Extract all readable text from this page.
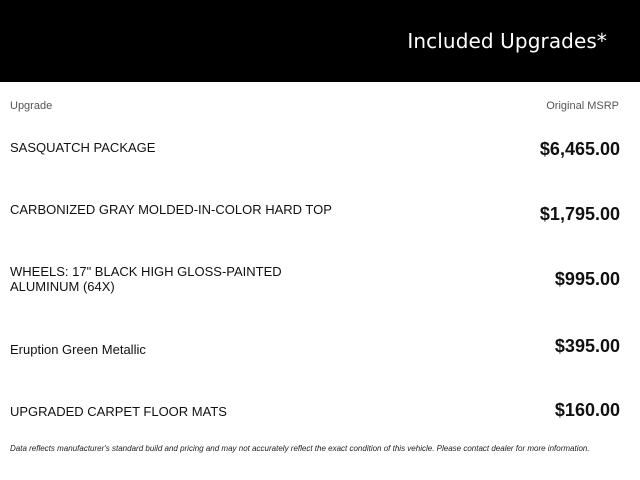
Included Upgrades*
Upgrade	Original MSRP
SASQUATCH PACKAGE	$6,465.00
CARBONIZED GRAY MOLDED-IN-COLOR HARD TOP	$1,795.00
WHEELS: 17" BLACK HIGH GLOSS-PAINTED ALUMINUM (64X)	$995.00
Eruption Green Metallic	$395.00
UPGRADED CARPET FLOOR MATS	$160.00
Data reflects manufacturer's standard build and pricing and may not accurately reflect the exact condition of this vehicle. Please contact dealer for more information.
